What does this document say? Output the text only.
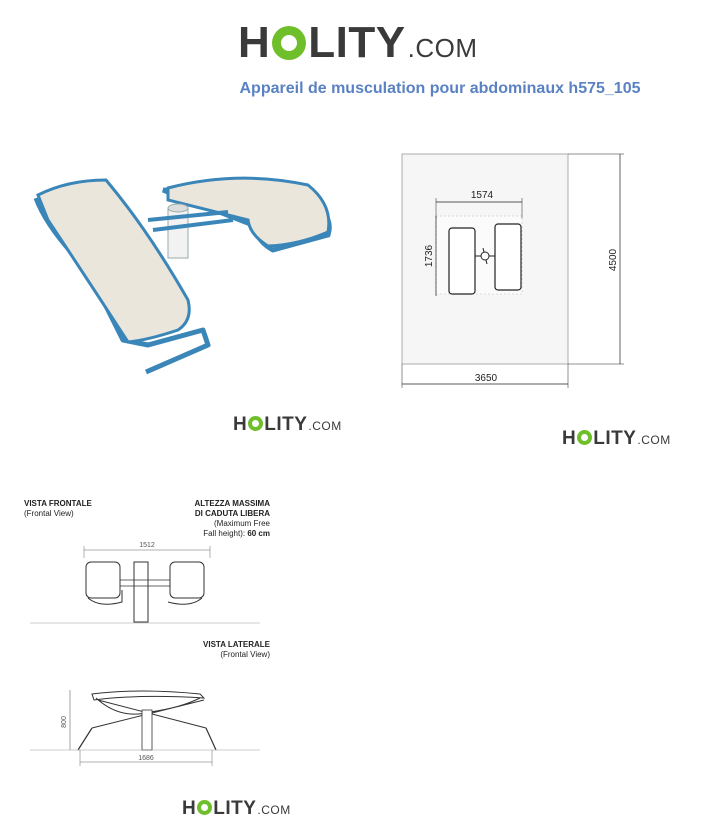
H LITY .COM
Appareil de musculation pour abdominaux h575_105
1574
1736	4500
3650
H LITY .COM
H LITY .COM
VISTA FRONTALE
(Frontal View)
ALTEZZA MASSIMA
DI CADUTA LIBERA
(Maximum Free
Fall height): 60 cm
VISTA LATERALE
(Frontal View)
1512
800
1686
H LITY .COM
